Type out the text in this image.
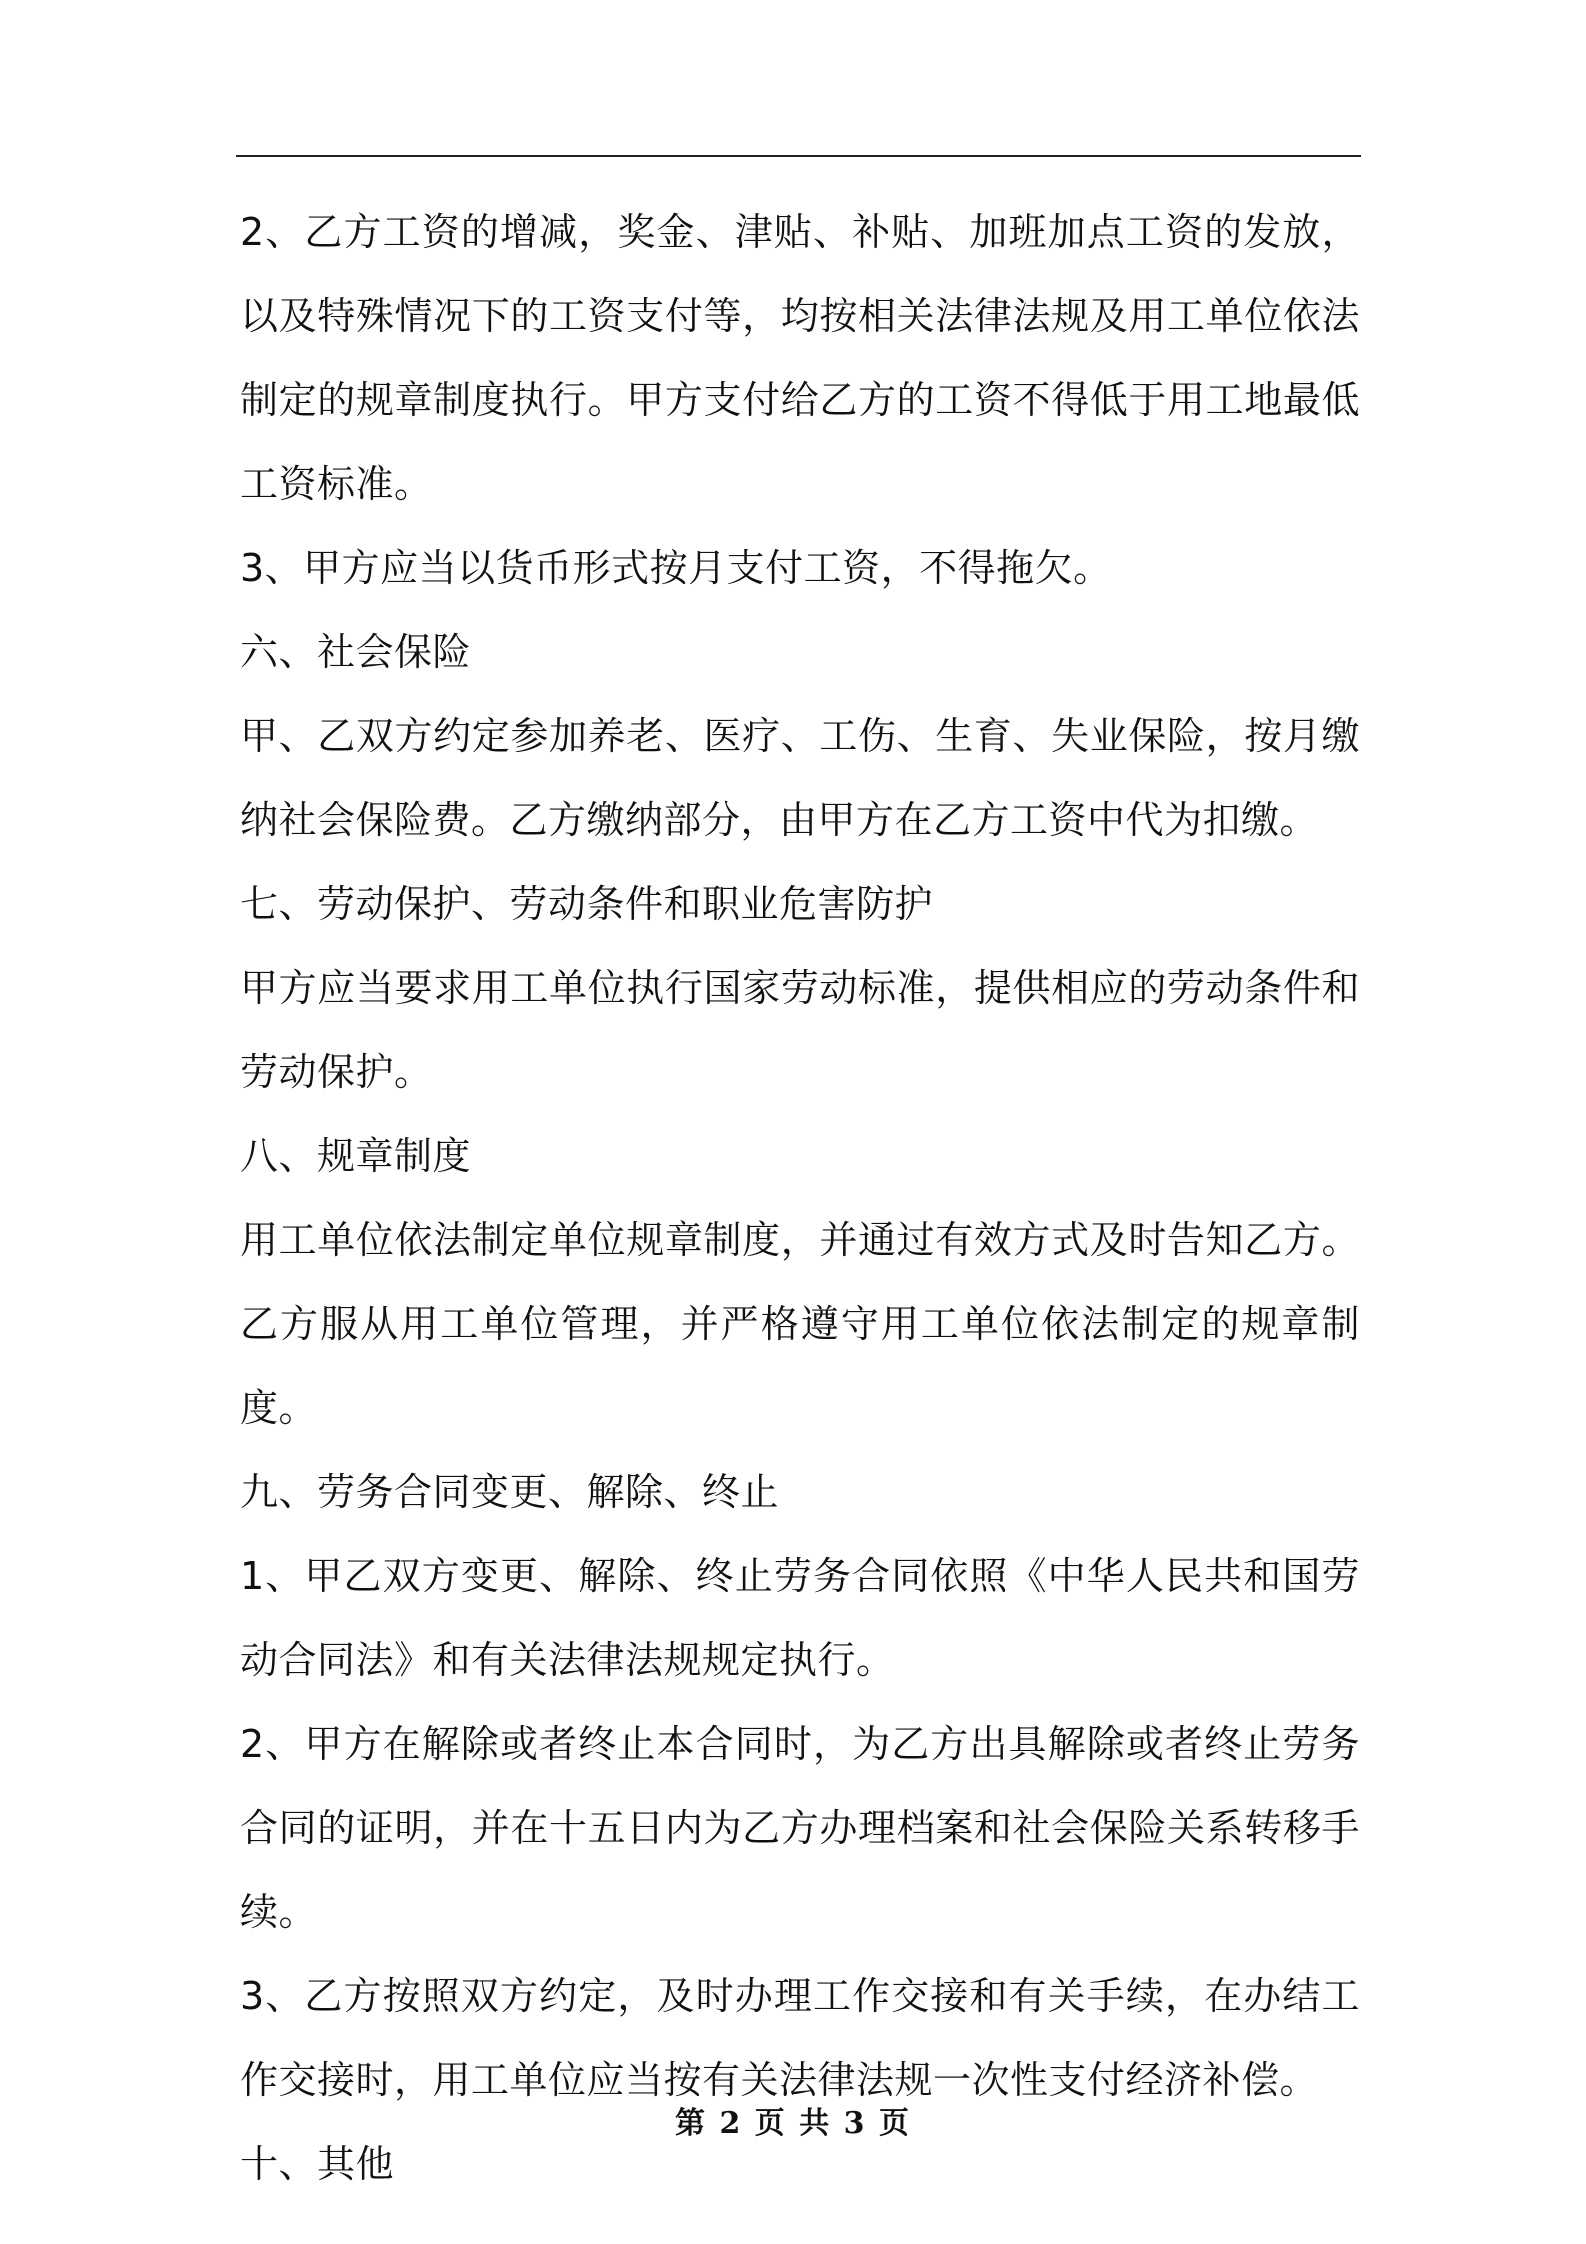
2、乙方工资的增减，奖金、津贴、补贴、加班加点工资的发放，以及特殊情况下的工资支付等，均按相关法律法规及用工单位依法制定的规章制度执行。甲方支付给乙方的工资不得低于用工地最低工资标准。

3、甲方应当以货币形式按月支付工资，不得拖欠。

六、社会保险

甲、乙双方约定参加养老、医疗、工伤、生育、失业保险，按月缴纳社会保险费。乙方缴纳部分，由甲方在乙方工资中代为扣缴。

七、劳动保护、劳动条件和职业危害防护

甲方应当要求用工单位执行国家劳动标准，提供相应的劳动条件和劳动保护。

八、规章制度

用工单位依法制定单位规章制度，并通过有效方式及时告知乙方。乙方服从用工单位管理，并严格遵守用工单位依法制定的规章制度。

九、劳务合同变更、解除、终止

1、甲乙双方变更、解除、终止劳务合同依照《中华人民共和国劳动合同法》和有关法律法规规定执行。

2、甲方在解除或者终止本合同时，为乙方出具解除或者终止劳务合同的证明，并在十五日内为乙方办理档案和社会保险关系转移手续。

3、乙方按照双方约定，及时办理工作交接和有关手续，在办结工作交接时，用工单位应当按有关法律法规一次性支付经济补偿。

十、其他

第 2 页 共 3 页
